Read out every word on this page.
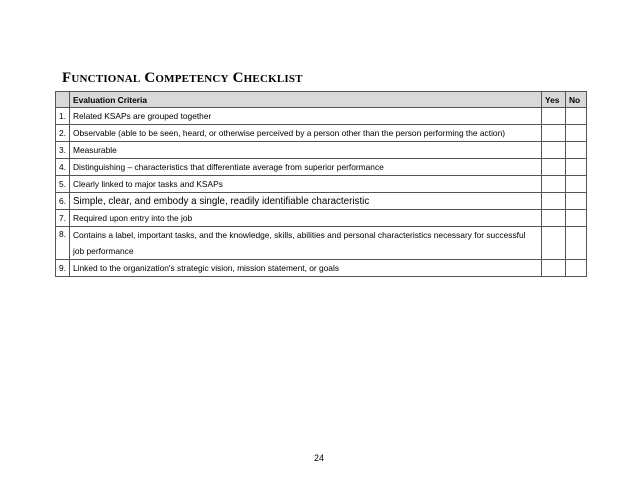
Functional Competency Checklist
	Evaluation Criteria	Yes	No
1.	Related KSAPs are grouped together		
2.	Observable (able to be seen, heard, or otherwise perceived by a person other than the person performing the action)		
3.	Measurable		
4.	Distinguishing – characteristics that differentiate average from superior performance		
5.	Clearly linked to major tasks and KSAPs		
6.	Simple, clear, and embody a single, readily identifiable characteristic		
7.	Required upon entry into the job		
8.	Contains a label, important tasks, and the knowledge, skills, abilities and personal characteristics necessary for successful job performance		
9.	Linked to the organization's strategic vision, mission statement, or goals		
24
